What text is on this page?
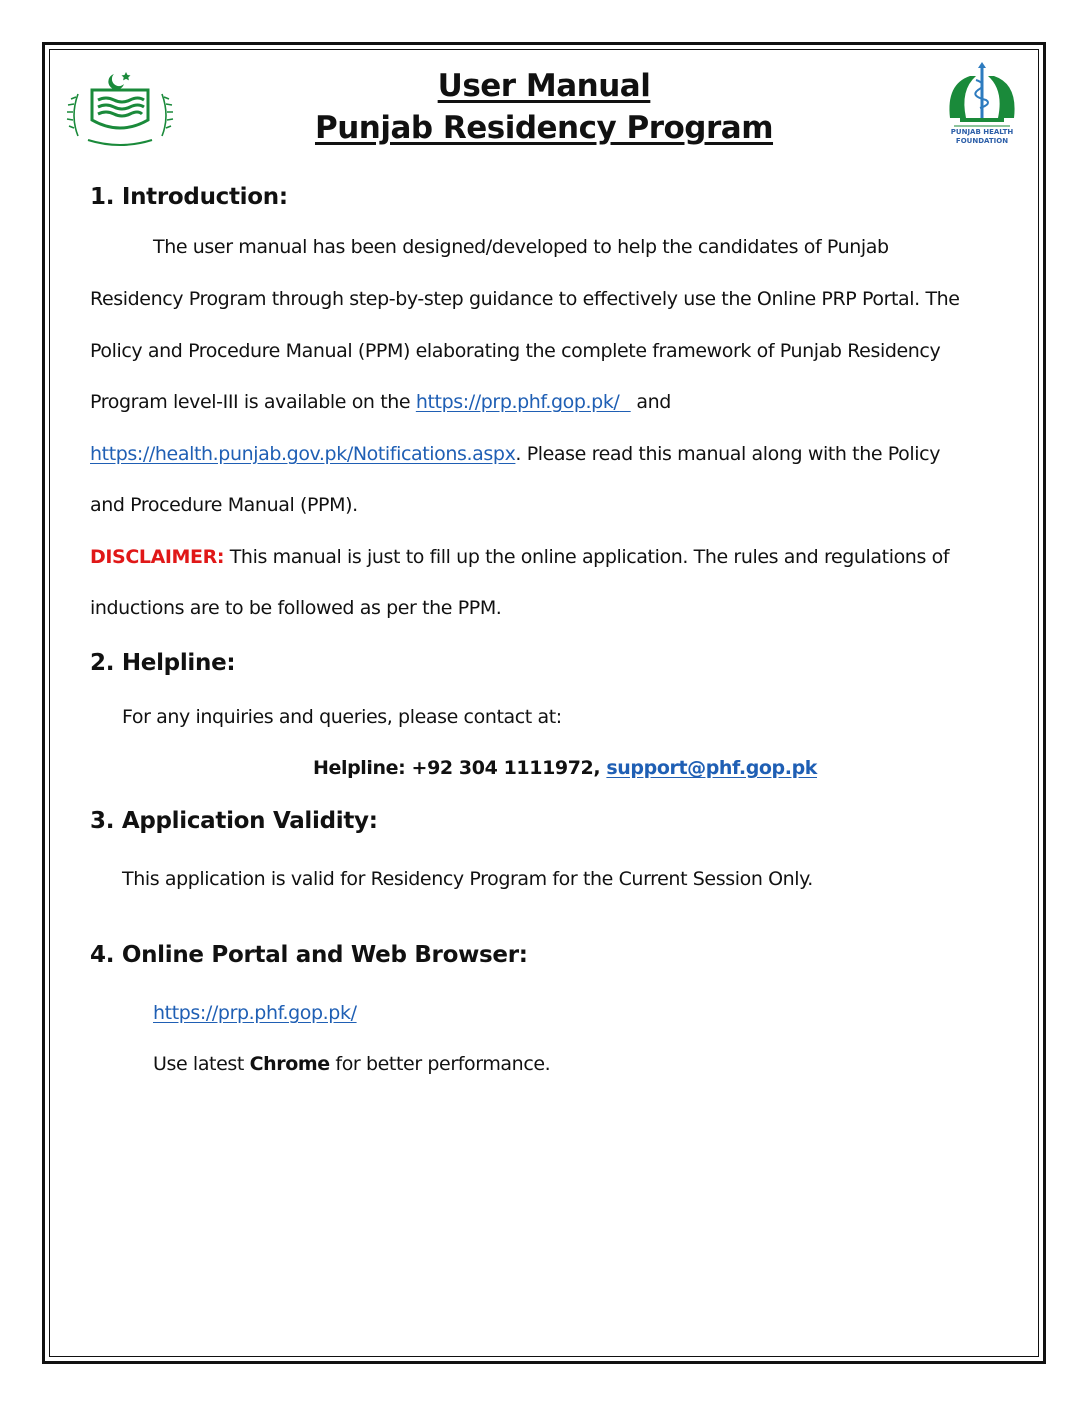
PUNJAB HEALTH
FOUNDATION
User Manual
Punjab Residency Program
1. Introduction:
The user manual has been designed/developed to help the candidates of Punjab
Residency Program through step-by-step guidance to effectively use the Online PRP Portal. The
Policy and Procedure Manual (PPM) elaborating the complete framework of Punjab Residency
Program level-III is available on the https://prp.phf.gop.pk/   and
https://health.punjab.gov.pk/Notifications.aspx. Please read this manual along with the Policy
and Procedure Manual (PPM).
DISCLAIMER: This manual is just to fill up the online application. The rules and regulations of
inductions are to be followed as per the PPM.
2. Helpline:
For any inquiries and queries, please contact at:
Helpline: +92 304 1111972, support@phf.gop.pk
3. Application Validity:
This application is valid for Residency Program for the Current Session Only.
4. Online Portal and Web Browser:
https://prp.phf.gop.pk/
Use latest Chrome for better performance.
